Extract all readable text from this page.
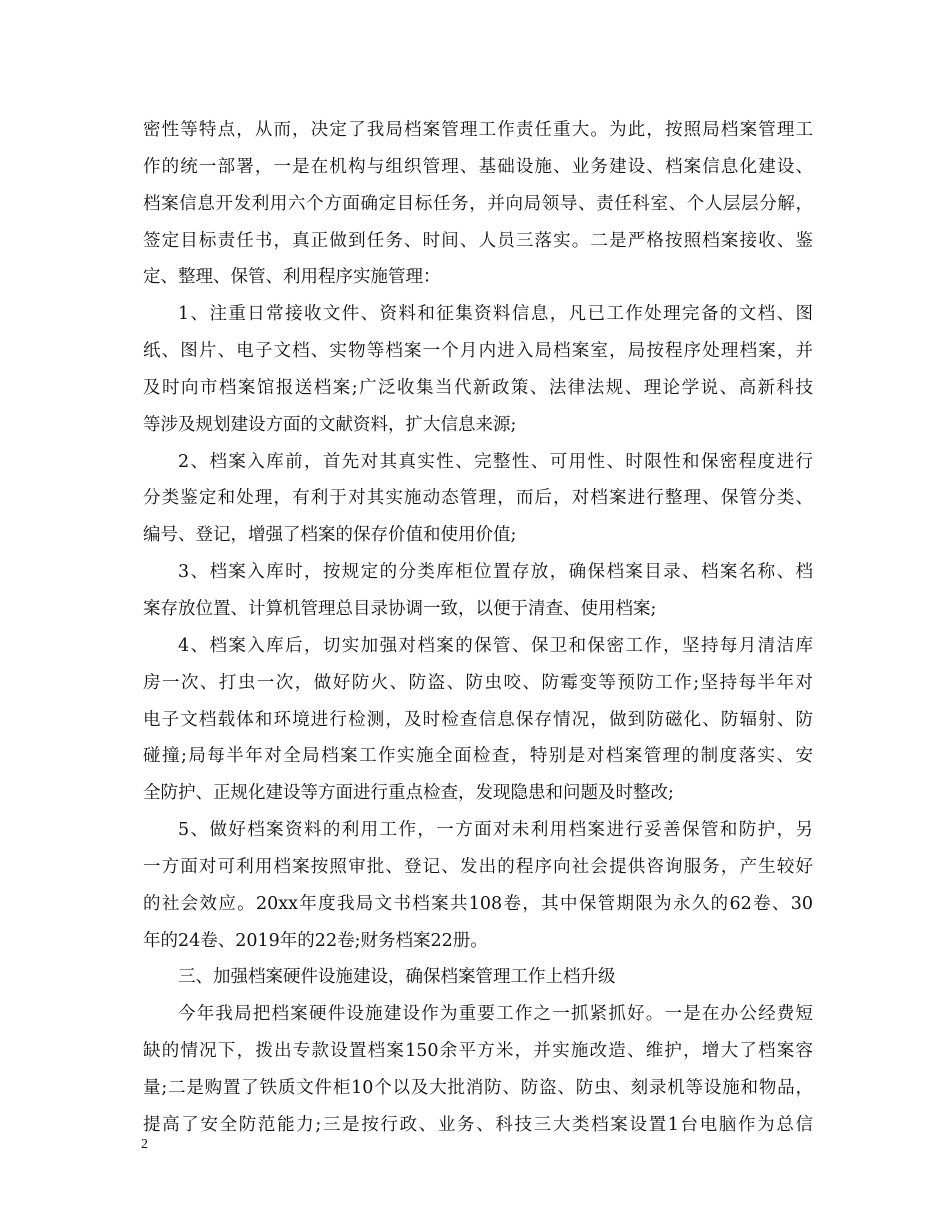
密性等特点，从而，决定了我局档案管理工作责任重大。为此，按照局档案管理工
作的统一部署，一是在机构与组织管理、基础设施、业务建设、档案信息化建设、
档案信息开发利用六个方面确定目标任务，并向局领导、责任科室、个人层层分解，
签定目标责任书，真正做到任务、时间、人员三落实。二是严格按照档案接收、鉴
定、整理、保管、利用程序实施管理：
1、注重日常接收文件、资料和征集资料信息，凡已工作处理完备的文档、图
纸、图片、电子文档、实物等档案一个月内进入局档案室，局按程序处理档案，并
及时向市档案馆报送档案;广泛收集当代新政策、法律法规、理论学说、高新科技
等涉及规划建设方面的文献资料，扩大信息来源;
2、档案入库前，首先对其真实性、完整性、可用性、时限性和保密程度进行
分类鉴定和处理，有利于对其实施动态管理，而后，对档案进行整理、保管分类、
编号、登记，增强了档案的保存价值和使用价值;
3、档案入库时，按规定的分类库柜位置存放，确保档案目录、档案名称、档
案存放位置、计算机管理总目录协调一致，以便于清查、使用档案;
4、档案入库后，切实加强对档案的保管、保卫和保密工作，坚持每月清洁库
房一次、打虫一次，做好防火、防盗、防虫咬、防霉变等预防工作;坚持每半年对
电子文档载体和环境进行检测，及时检查信息保存情况，做到防磁化、防辐射、防
碰撞;局每半年对全局档案工作实施全面检查，特别是对档案管理的制度落实、安
全防护、正规化建设等方面进行重点检查，发现隐患和问题及时整改;
5、做好档案资料的利用工作，一方面对未利用档案进行妥善保管和防护，另
一方面对可利用档案按照审批、登记、发出的程序向社会提供咨询服务，产生较好
的社会效应。20xx年度我局文书档案共108卷，其中保管期限为永久的62卷、30
年的24卷、2019年的22卷;财务档案22册。
三、加强档案硬件设施建设，确保档案管理工作上档升级
今年我局把档案硬件设施建设作为重要工作之一抓紧抓好。一是在办公经费短
缺的情况下，拨出专款设置档案150余平方米，并实施改造、维护，增大了档案容
量;二是购置了铁质文件柜10个以及大批消防、防盗、防虫、刻录机等设施和物品，
提高了安全防范能力;三是按行政、业务、科技三大类档案设置1台电脑作为总信
2
